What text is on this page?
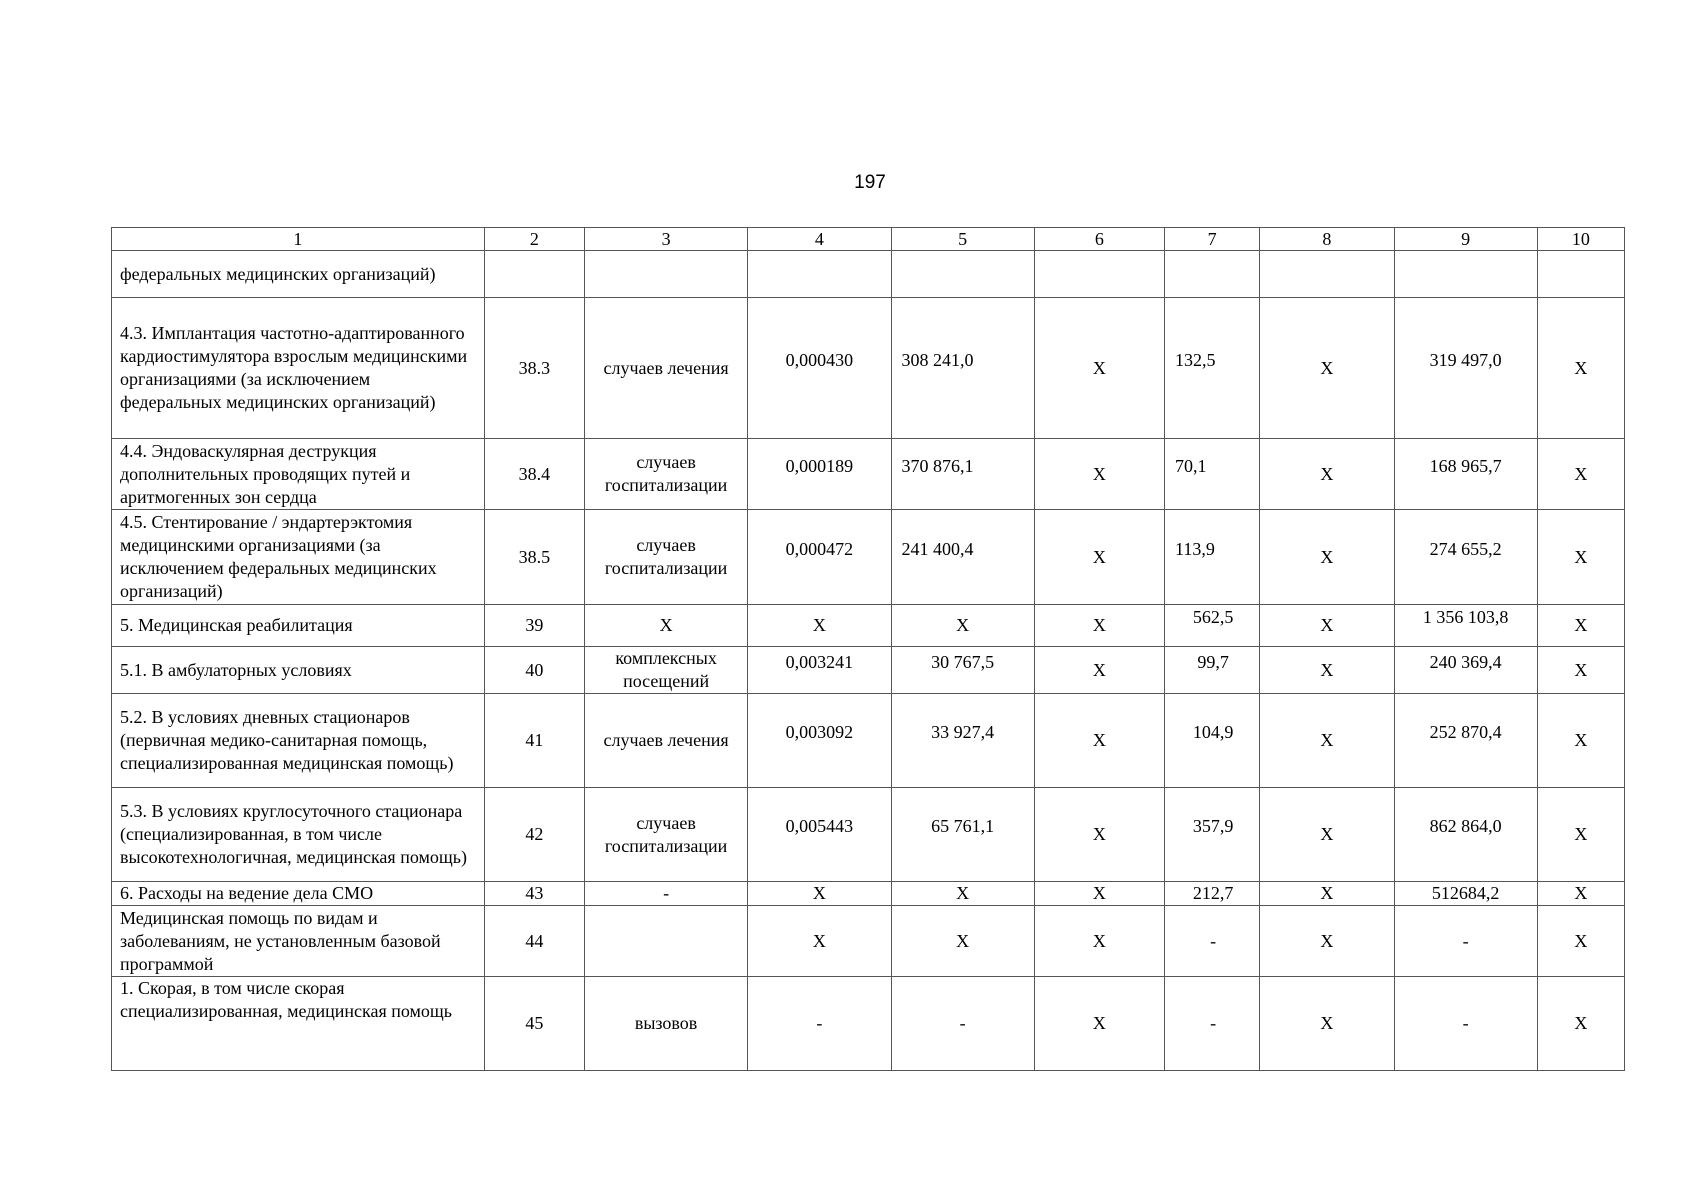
197
1	2	3	4	5	6	7	8	9	10
федеральных медицинских организаций)									
4.3. Имплантация частотно-адаптированного кардиостимулятора взрослым медицинскими организациями (за исключением федеральных медицинских организаций)	38.3	случаев лечения	0,000430	308 241,0	Х	132,5	Х	319 497,0	Х
4.4. Эндоваскулярная деструкция дополнительных проводящих путей и аритмогенных зон сердца	38.4	случаев госпитализации	0,000189	370 876,1	Х	70,1	Х	168 965,7	Х
4.5. Стентирование / эндартерэктомия медицинскими организациями (за исключением федеральных медицинских организаций)	38.5	случаев госпитализации	0,000472	241 400,4	Х	113,9	Х	274 655,2	Х
5. Медицинская реабилитация	39	Х	Х	Х	Х	562,5	Х	1 356 103,8	Х
5.1. В амбулаторных условиях	40	комплексных посещений	0,003241	30 767,5	Х	99,7	Х	240 369,4	Х
5.2. В условиях дневных стационаров (первичная медико-санитарная помощь, специализированная медицинская помощь)	41	случаев лечения	0,003092	33 927,4	Х	104,9	Х	252 870,4	Х
5.3. В условиях круглосуточного стационара (специализированная, в том числе высокотехнологичная, медицинская помощь)	42	случаев госпитализации	0,005443	65 761,1	Х	357,9	Х	862 864,0	Х
6. Расходы на ведение дела СМО	43	-	Х	Х	Х	212,7	Х	512684,2	Х
Медицинская помощь по видам и заболеваниям, не установленным базовой программой	44		Х	Х	Х	-	Х	-	Х
1. Скорая, в том числе скорая специализированная, медицинская помощь	45	вызовов	-	-	Х	-	Х	-	Х
